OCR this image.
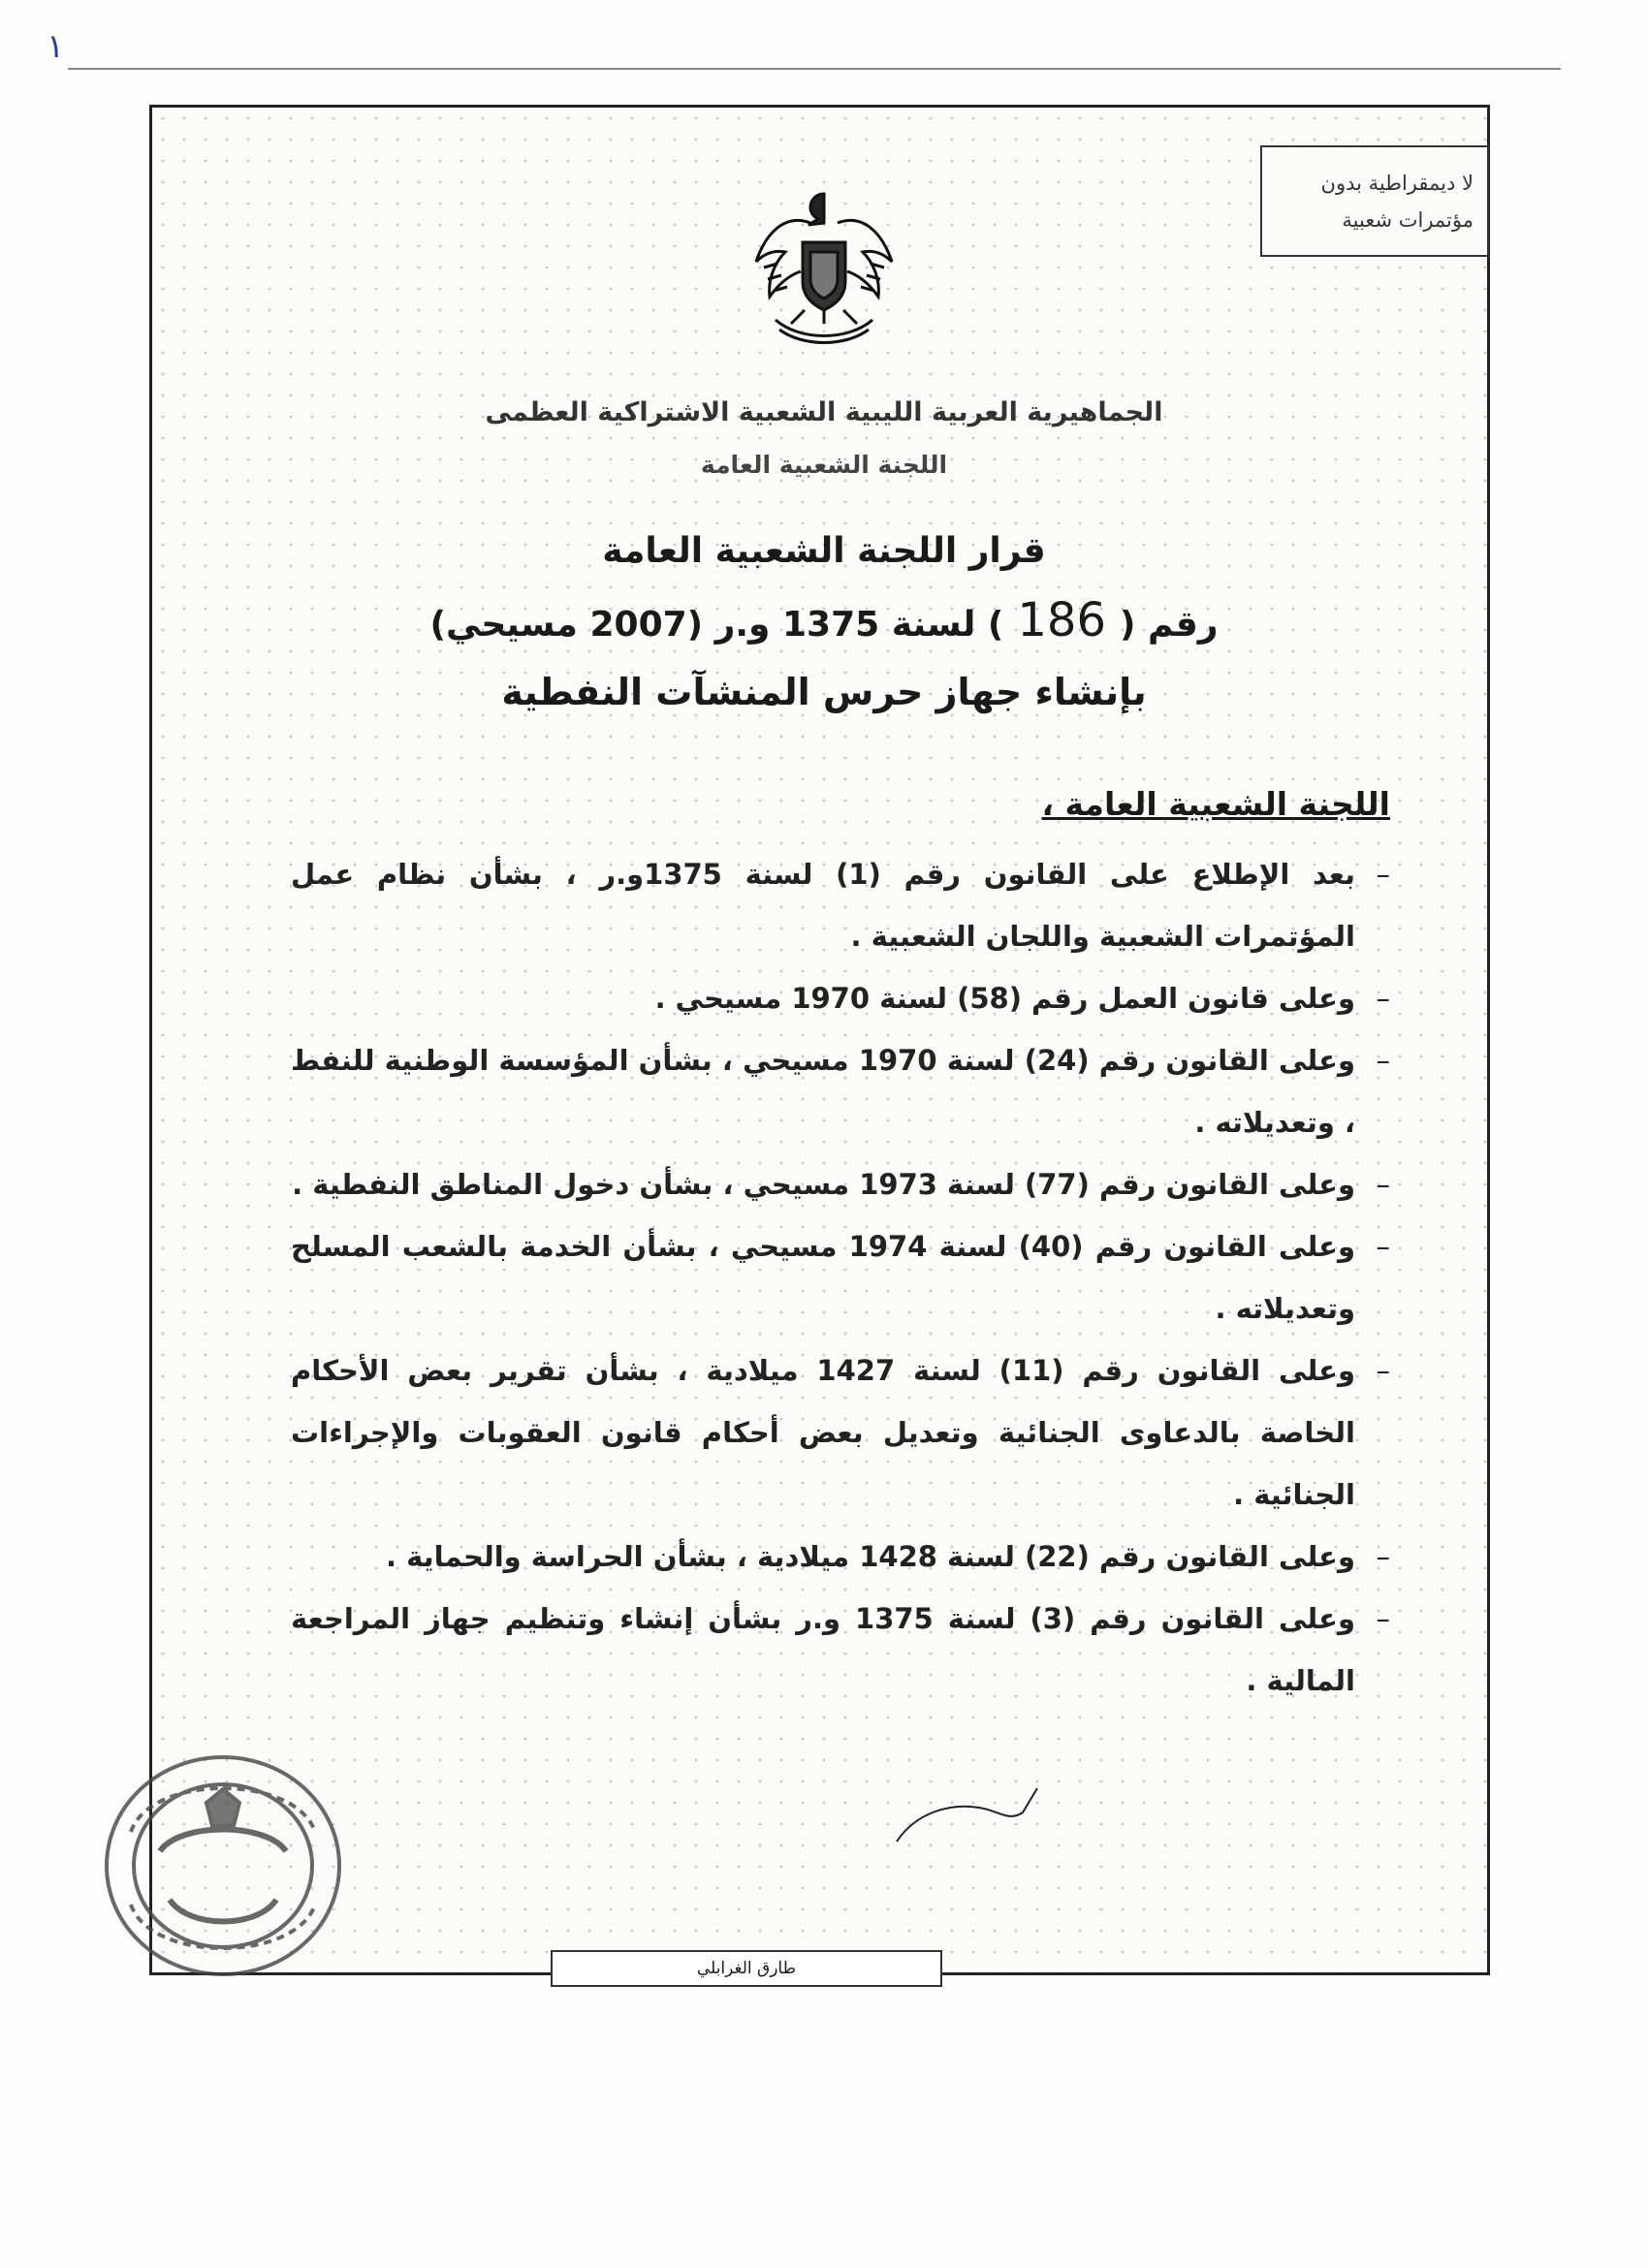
١
لا ديمقراطية بدون
مؤتمرات شعبية
الجماهيرية العربية الليبية الشعبية الاشتراكية العظمى
اللجنة الشعبية العامة
قرار اللجنة الشعبية العامة
رقم (186) لسنة 1375 و.ر (2007 مسيحي)
بإنشاء جهاز حرس المنشآت النفطية
اللجنة الشعبية العامة ،
– بعد الإطلاع على القانون رقم (1) لسنة 1375و.ر ، بشأن نظام عمل المؤتمرات الشعبية واللجان الشعبية .
– وعلى قانون العمل رقم (58) لسنة 1970 مسيحي .
– وعلى القانون رقم (24) لسنة 1970 مسيحي ، بشأن المؤسسة الوطنية للنفط ، وتعديلاته .
– وعلى القانون رقم (77) لسنة 1973 مسيحي ، بشأن دخول المناطق النفطية .
– وعلى القانون رقم (40) لسنة 1974 مسيحي ، بشأن الخدمة بالشعب المسلح وتعديلاته .
– وعلى القانون رقم (11) لسنة 1427 ميلادية ، بشأن تقرير بعض الأحكام الخاصة بالدعاوى الجنائية وتعديل بعض أحكام قانون العقوبات والإجراءات الجنائية .
– وعلى القانون رقم (22) لسنة 1428 ميلادية ، بشأن الحراسة والحماية .
– وعلى القانون رقم (3) لسنة 1375 و.ر بشأن إنشاء وتنظيم جهاز المراجعة المالية .
طارق الغرابلي
